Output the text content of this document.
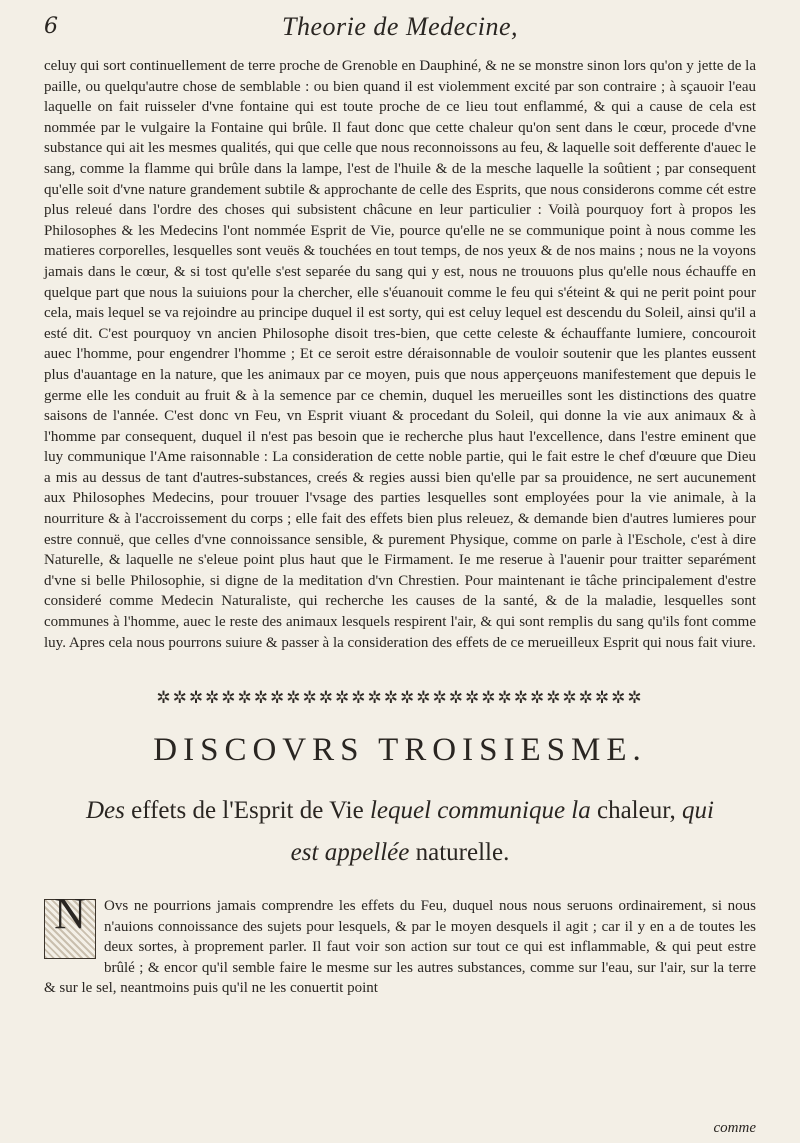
6	Theorie de Medecine,

celuy qui sort continuellement de terre proche de Grenoble en Dauphiné, & ne se monstre sinon lors qu'on y jette de la paille, ou quelqu'autre chose de semblable : ou bien quand il est violemment excité par son contraire ; à sçauoir l'eau laquelle on fait ruisseler d'vne fontaine qui est toute proche de ce lieu tout enflammé, & qui a cause de cela est nommée par le vulgaire la Fontaine qui brûle. Il faut donc que cette chaleur qu'on sent dans le cœur, procede d'vne substance qui ait les mesmes qualités, qui que celle que nous reconnoissons au feu, & laquelle soit defferente d'auec le sang, comme la flamme qui brûle dans la lampe, l'est de l'huile & de la mesche laquelle la soûtient ; par consequent qu'elle soit d'vne nature grandement subtile & approchante de celle des Esprits, que nous considerons comme cét estre plus releué dans l'ordre des choses qui subsistent châcune en leur particulier : Voilà pourquoy fort à propos les Philosophes & les Medecins l'ont nommée Esprit de Vie, pource qu'elle ne se communique point à nous comme les matieres corporelles, lesquelles sont veuës & touchées en tout temps, de nos yeux & de nos mains ; nous ne la voyons jamais dans le cœur, & si tost qu'elle s'est separée du sang qui y est, nous ne trouuons plus qu'elle nous échauffe en quelque part que nous la suiuions pour la chercher, elle s'éuanouit comme le feu qui s'éteint & qui ne perit point pour cela, mais lequel se va rejoindre au principe duquel il est sorty, qui est celuy lequel est descendu du Soleil, ainsi qu'il a esté dit. C'est pourquoy vn ancien Philosophe disoit tres-bien, que cette celeste & échauffante lumiere, concouroit auec l'homme, pour engendrer l'homme ; Et ce seroit estre déraisonnable de vouloir soutenir que les plantes eussent plus d'auantage en la nature, que les animaux par ce moyen, puis que nous apperçeuons manifestement que depuis le germe elle les conduit au fruit & à la semence par ce chemin, duquel les merueilles sont les distinctions des quatre saisons de l'année. C'est donc vn Feu, vn Esprit viuant & procedant du Soleil, qui donne la vie aux animaux & à l'homme par consequent, duquel il n'est pas besoin que ie recherche plus haut l'excellence, dans l'estre eminent que luy communique l'Ame raisonnable : La consideration de cette noble partie, qui le fait estre le chef d'œuure que Dieu a mis au dessus de tant d'autres-substances, creés & regies aussi bien qu'elle par sa prouidence, ne sert aucunement aux Philosophes Medecins, pour trouuer l'vsage des parties lesquelles sont employées pour la vie animale, à la nourriture & à l'accroissement du corps ; elle fait des effets bien plus releuez, & demande bien d'autres lumieres pour estre connuë, que celles d'vne connoissance sensible, & purement Physique, comme on parle à l'Eschole, c'est à dire Naturelle, & laquelle ne s'eleue point plus haut que le Firmament. Ie me reserue à l'auenir pour traitter separément d'vne si belle Philosophie, si digne de la meditation d'vn Chrestien. Pour maintenant ie tâche principalement d'estre consideré comme Medecin Naturaliste, qui recherche les causes de la santé, & de la maladie, lesquelles sont communes à l'homme, auec le reste des animaux lesquels respirent l'air, & qui sont remplis du sang qu'ils font comme luy. Apres cela nous pourrons suiure & passer à la consideration des effets de ce merueilleux Esprit qui nous fait viure.

✲✲✲✲✲✲✲✲✲✲✲✲✲✲✲✲✲✲✲✲✲✲✲✲✲✲✲✲✲✲
DISCOVRS TROISIESME.
Des effets de l'Esprit de Vie lequel communique la chaleur, qui
est appellée naturelle.
N	Ovs ne pourrions jamais comprendre les effets du Feu, duquel nous nous seruons ordinairement, si nous n'auions connoissance des sujets pour lesquels, & par le moyen desquels il agit ; car il y en a de toutes les deux sortes, à proprement parler. Il faut voir son action sur tout ce qui est inflammable, & qui peut estre brûlé ; & encor qu'il semble faire le mesme sur les autres substances, comme sur l'eau, sur l'air, sur la terre & sur le sel, neantmoins puis qu'il ne les conuertit point
comme
